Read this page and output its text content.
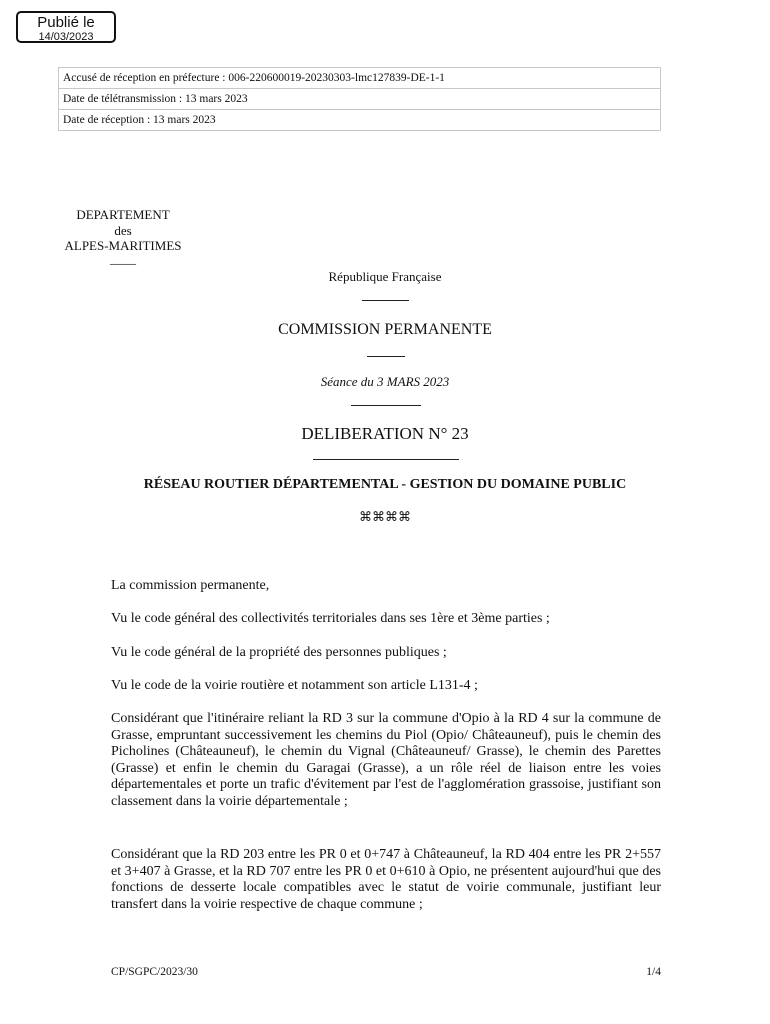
Publié le
14/03/2023
Accusé de réception en préfecture : 006-220600019-20230303-lmc127839-DE-1-1
Date de télétransmission : 13 mars 2023
Date de réception : 13 mars 2023
DEPARTEMENT
des
ALPES-MARITIMES
____
République Française
COMMISSION PERMANENTE
Séance du 3 MARS 2023
DELIBERATION N° 23
RÉSEAU ROUTIER DÉPARTEMENTAL - GESTION DU DOMAINE PUBLIC
⌘⌘⌘⌘
La commission permanente,
Vu le code général des collectivités territoriales dans ses 1ère et 3ème parties ;
Vu le code général de la propriété des personnes publiques ;
Vu le code de la voirie routière et notamment son article L131-4 ;
Considérant que l'itinéraire reliant la RD 3 sur la commune d'Opio à la RD 4 sur la commune de Grasse, empruntant successivement les chemins du Piol (Opio/ Châteauneuf), puis le chemin des Picholines (Châteauneuf), le chemin du Vignal (Châteauneuf/ Grasse), le chemin des Parettes (Grasse) et enfin le chemin du Garagai (Grasse), a un rôle réel de liaison entre les voies départementales et porte un trafic d'évitement par l'est de l'agglomération grassoise, justifiant son classement dans la voirie départementale ;
Considérant que la RD 203 entre les PR 0 et 0+747 à Châteauneuf, la RD 404 entre les PR 2+557 et 3+407 à Grasse, et la RD 707 entre les PR 0 et 0+610 à Opio, ne présentent aujourd'hui que des fonctions de desserte locale compatibles avec le statut de voirie communale, justifiant leur transfert dans la voirie respective de chaque commune ;
CP/SGPC/2023/30	1/4
